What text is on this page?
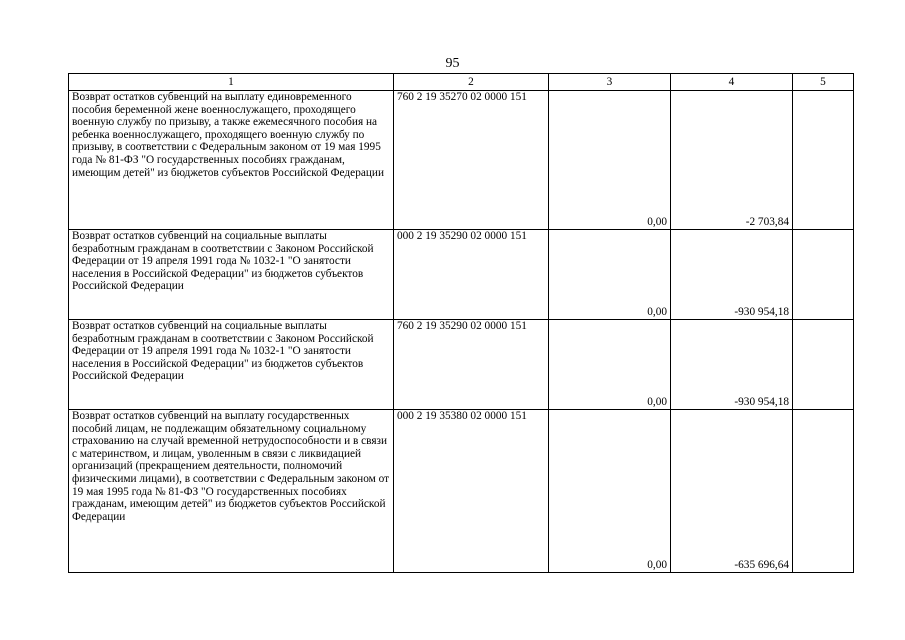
95
1	2	3	4	5
Возврат остатков субвенций на выплату единовременного пособия беременной жене военнослужащего, проходящего военную службу по призыву, а также ежемесячного пособия на ребенка военнослужащего, проходящего военную службу по призыву, в соответствии с Федеральным законом от 19 мая 1995 года № 81-ФЗ "О государственных пособиях гражданам, имеющим детей" из бюджетов субъектов Российской Федерации	760 2 19 35270 02 0000 151	0,00	-2 703,84	
Возврат остатков субвенций на социальные выплаты безработным гражданам в соответствии с Законом Российской Федерации от 19 апреля 1991 года № 1032-1 "О занятости населения в Российской Федерации" из бюджетов субъектов Российской Федерации	000 2 19 35290 02 0000 151	0,00	-930 954,18	
Возврат остатков субвенций на социальные выплаты безработным гражданам в соответствии с Законом Российской Федерации от 19 апреля 1991 года № 1032-1 "О занятости населения в Российской Федерации" из бюджетов субъектов Российской Федерации	760 2 19 35290 02 0000 151	0,00	-930 954,18	
Возврат остатков субвенций на выплату государственных пособий лицам, не подлежащим обязательному социальному страхованию на случай временной нетрудоспособности и в связи с материнством, и лицам, уволенным в связи с ликвидацией организаций (прекращением деятельности, полномочий физическими лицами), в соответствии с Федеральным законом от 19 мая 1995 года № 81-ФЗ "О государственных пособиях гражданам, имеющим детей" из бюджетов субъектов Российской Федерации	000 2 19 35380 02 0000 151	0,00	-635 696,64	
